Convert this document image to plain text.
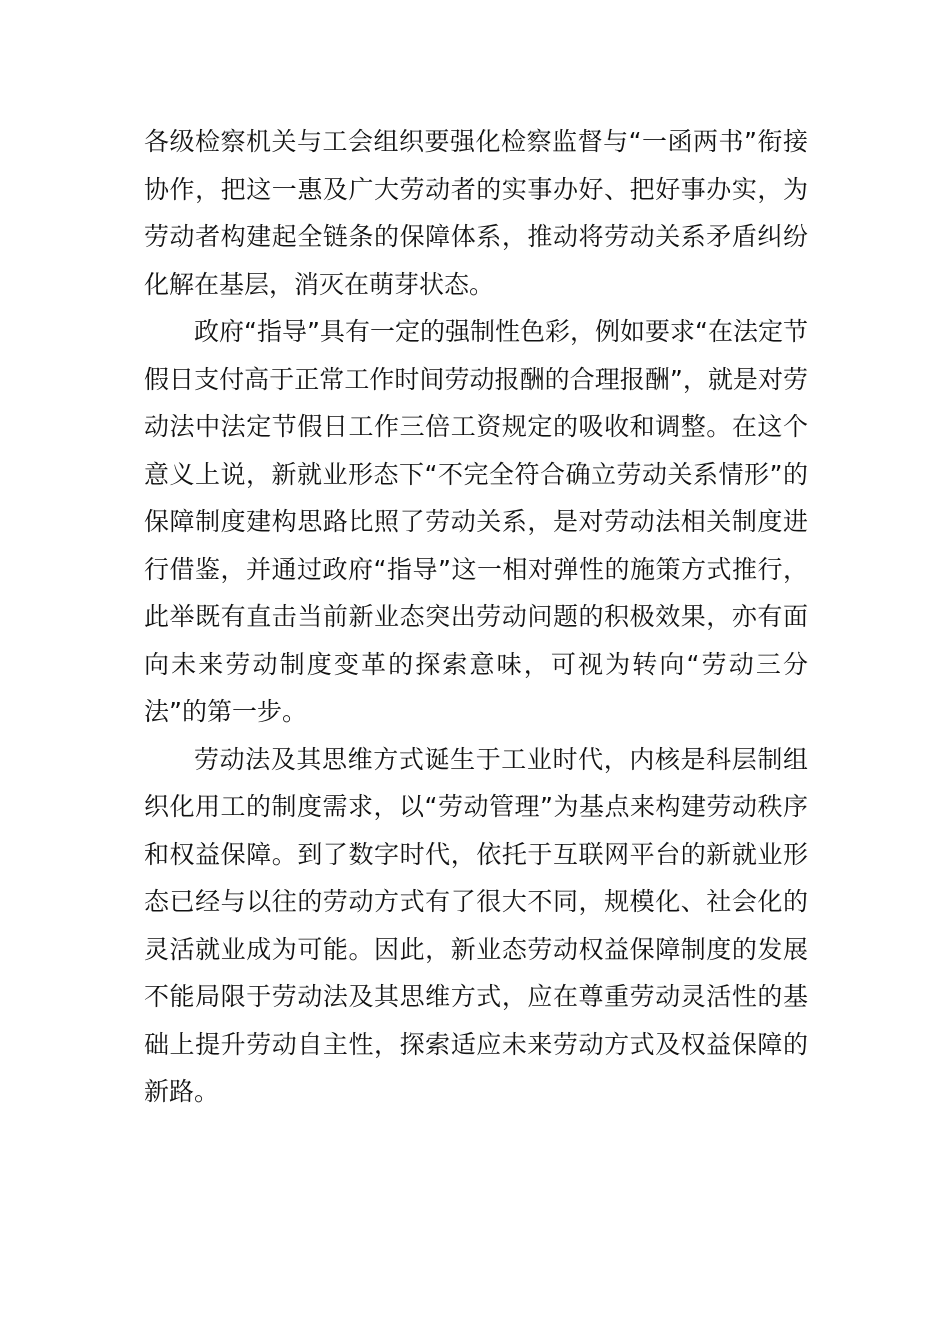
各级检察机关与工会组织要强化检察监督与“一函两书”衔接协作，把这一惠及广大劳动者的实事办好、把好事办实，为劳动者构建起全链条的保障体系，推动将劳动关系矛盾纠纷化解在基层，消灭在萌芽状态。

政府“指导”具有一定的强制性色彩，例如要求“在法定节假日支付高于正常工作时间劳动报酬的合理报酬”，就是对劳动法中法定节假日工作三倍工资规定的吸收和调整。在这个意义上说，新就业形态下“不完全符合确立劳动关系情形”的保障制度建构思路比照了劳动关系，是对劳动法相关制度进行借鉴，并通过政府“指导”这一相对弹性的施策方式推行，此举既有直击当前新业态突出劳动问题的积极效果，亦有面向未来劳动制度变革的探索意味，可视为转向“劳动三分法”的第一步。

劳动法及其思维方式诞生于工业时代，内核是科层制组织化用工的制度需求，以“劳动管理”为基点来构建劳动秩序和权益保障。到了数字时代，依托于互联网平台的新就业形态已经与以往的劳动方式有了很大不同，规模化、社会化的灵活就业成为可能。因此，新业态劳动权益保障制度的发展不能局限于劳动法及其思维方式，应在尊重劳动灵活性的基础上提升劳动自主性，探索适应未来劳动方式及权益保障的新路。
